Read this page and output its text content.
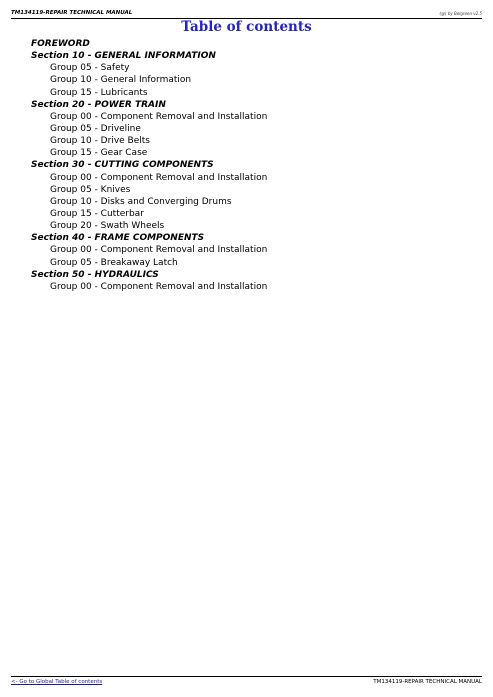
TM134119-REPAIR TECHNICAL MANUAL	(@) by Belgreen v2.5
Table of contents
FOREWORD
Section 10 - GENERAL INFORMATION
Group 05 - Safety
Group 10 - General Information
Group 15 - Lubricants
Section 20 - POWER TRAIN
Group 00 - Component Removal and Installation
Group 05 - Driveline
Group 10 - Drive Belts
Group 15 - Gear Case
Section 30 - CUTTING COMPONENTS
Group 00 - Component Removal and Installation
Group 05 - Knives
Group 10 - Disks and Converging Drums
Group 15 - Cutterbar
Group 20 - Swath Wheels
Section 40 - FRAME COMPONENTS
Group 00 - Component Removal and Installation
Group 05 - Breakaway Latch
Section 50 - HYDRAULICS
Group 00 - Component Removal and Installation
<- Go to Global Table of contents	TM134119-REPAIR TECHNICAL MANUAL
